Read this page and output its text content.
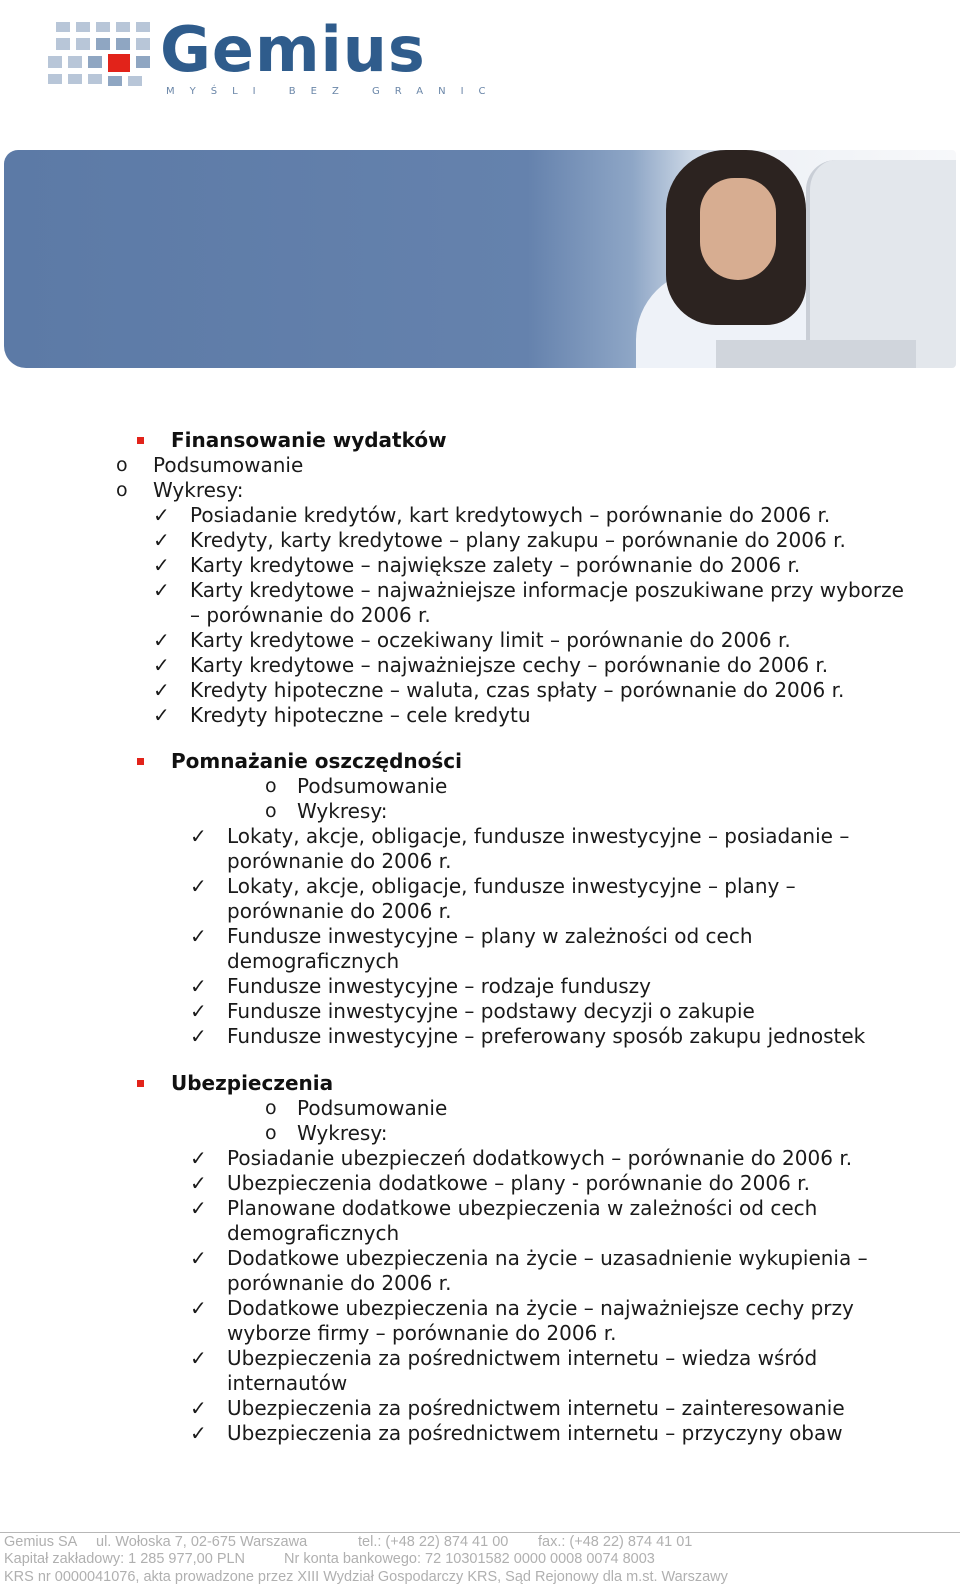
Gemius
MYŚLI BEZ GRANIC
Finansowanie wydatków
o Podsumowanie
o Wykresy:
✓ Posiadanie kredytów, kart kredytowych – porównanie do 2006 r.
✓ Kredyty, karty kredytowe – plany zakupu – porównanie do 2006 r.
✓ Karty kredytowe – największe zalety – porównanie do 2006 r.
✓ Karty kredytowe – najważniejsze informacje poszukiwane przy wyborze
– porównanie do 2006 r.
✓ Karty kredytowe – oczekiwany limit – porównanie do 2006 r.
✓ Karty kredytowe – najważniejsze cechy – porównanie do 2006 r.
✓ Kredyty hipoteczne – waluta, czas spłaty – porównanie do 2006 r.
✓ Kredyty hipoteczne – cele kredytu
Pomnażanie oszczędności
o Podsumowanie
o Wykresy:
✓ Lokaty, akcje, obligacje, fundusze inwestycyjne – posiadanie –
porównanie do 2006 r.
✓ Lokaty, akcje, obligacje, fundusze inwestycyjne – plany –
porównanie do 2006 r.
✓ Fundusze inwestycyjne – plany w zależności od cech
demograficznych
✓ Fundusze inwestycyjne – rodzaje funduszy
✓ Fundusze inwestycyjne – podstawy decyzji o zakupie
✓ Fundusze inwestycyjne – preferowany sposób zakupu jednostek
Ubezpieczenia
o Podsumowanie
o Wykresy:
✓ Posiadanie ubezpieczeń dodatkowych – porównanie do 2006 r.
✓ Ubezpieczenia dodatkowe – plany - porównanie do 2006 r.
✓ Planowane dodatkowe ubezpieczenia w zależności od cech
demograficznych
✓ Dodatkowe ubezpieczenia na życie – uzasadnienie wykupienia –
porównanie do 2006 r.
✓ Dodatkowe ubezpieczenia na życie – najważniejsze cechy przy
wyborze firmy – porównanie do 2006 r.
✓ Ubezpieczenia za pośrednictwem internetu – wiedza wśród
internautów
✓ Ubezpieczenia za pośrednictwem internetu – zainteresowanie
✓ Ubezpieczenia za pośrednictwem internetu – przyczyny obaw
Gemius SA ul. Wołoska 7, 02-675 Warszawa	tel.: (+48 22) 874 41 00 fax.: (+48 22) 874 41 01
Kapitał zakładowy: 1 285 977,00 PLN	Nr konta bankowego: 72 10301582 0000 0008 0074 8003
KRS nr 0000041076, akta prowadzone przez XIII Wydział Gospodarczy KRS, Sąd Rejonowy dla m.st. Warszawy
